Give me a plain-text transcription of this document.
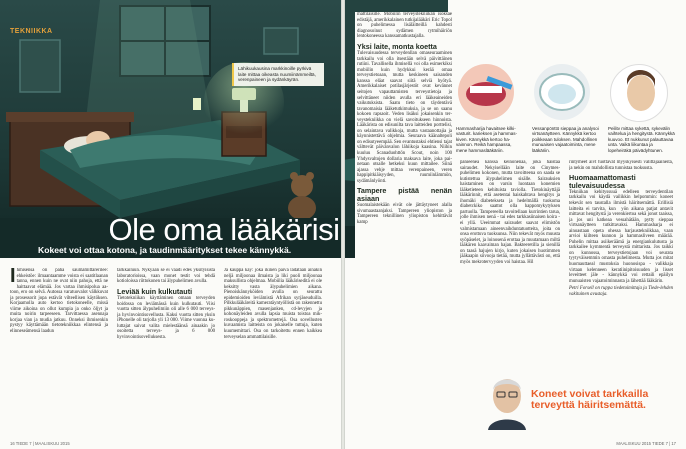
TEKNIIKKA
Lähikuukausina markkinoille pyrkivä laite mittaa oikeasta nuumiinämmeiltä, verenpaineen ja sydänkäyrän.

Ihmisensä on paha saumamittarerilee: ehkeistöe: ilmaantaamme voista ei saatitlaanan tanna, ennen kuin ne ovat niin pahoja, että ne haittaavat elämää. Jos vartaa ihmisipolua aatoon, ero on selvä. Autossa varatuovalot välkkuvat ja prosessorit jopa estävät vilteellisen käytöksen. Korjaamolla auto kertoo tietokoneelle, missä viime aikoina on ollut kumpia ja onko öljyt ja muita noirin tarpeeseen. Tarvittaessa asennaja korjaa vian ja mudia jatkuu. Onneksi ihmisenkin pystyy käyttämään tietotekniikkaa elintensä ja elinneseämensä laadun

tarkkailuun. Nykyään se ei vaadi edes yksityisistä laboratorioissa, vaan monet testit voi tehdä kotioloissa riittokonen tai älypuhelimen avulla.

Leviää kuin kulkutauti

Tietotekniikan käyttäminen omaan terveyden hoidossa on leviämässä kuin kulkutauti. Viisi vuotta sitten älypuhelimiin oli alle 6 000 terveys- ja hyvinvointisovellusta. Kaksi vuotta sitten yksin iPhonelle oli tarjolla yli 13 000. Viime vuonna kuluttajat saivat valita mielestäänsä ainaakin jo osoitetta terveys- ja 6 000 hyvinvointisovelluksesta.

Ja kauppa käy: joka ikinen päivä ladataan ainakin neljä miljoonaa ilmaista ja liki puoli miljoonaa maksullista ohjelmaa. Mobiilia lääkäriseditä ei ole keksitty vasta älypuhelimien aikana. Pienoiskännyköiden avulla on seurattu epidemioiden leviämistä Afrikan syrjäseuduilla. Pilkkulääkäreitä kameratäyntyöllistä on rakennettu pikkunäppien, masenjanken, cd-levyjen ja kohonäyleiden avulla lapsia muista toistoa mikroskooppeja ja spektrometrejä. Osa sovellusten kuvaamista laitteista on jokaiselle tuttuja, kuten kuumemittari. Osa on tarkoitettu ennen kaikkea terveyselan ammattilaisille.

16 TIEDE 7 | MAALISKUU 2015
Hammasharija havaitsee kilkivasturit. karieksen ja hammaskiven. Kännykkä kertoo havainnon. Reikä hampaassa, mene hammaslääkäriin.
Vessanpönttö sieppaa ja analysoi virtsanäytteen. Kännykkä kertoo poikkeaan tuloksen. Mahdollinen munuaisen vajaatoiminta, mene lääkäriin.
Peilitv mittaa sykettä, sykevälin vaihtelua ja hengitystä. Kännykkä kuuvoo. Et nukkunut palauttavaa unta. Vaikä liikuntaa ja lopeheiräkä päivädyhtunen.

mattilaisille. Mobiilin terveystekniikan isoksae edistäjä, amerikkalainen tutkijalääkäri Eric Topol on puhelimessa lisäläitteillä kahdesti diagnosoinut sydämen rytmihäiriön lentokoneessa kanssamatkustajalla.

Yksi laite, monta koetta

Tulevaisuudessa terveydenllan omaseuraaminen tarkkailu voi olla itsestään selvä päivittäinen rutiini. Tavallisella ihmisellä voi olla esimerkiksi mobiilin kuin hydykkui kerää omaa terveystietoaan, mutta keskineen saisanden kanssa eläat saavat siitä selviä hyötyä. Amerikkalaiset potilasjärjestöt ovat kevännet seitojen vapauttamisten terveystietoja ja selvittäneet niiden avulla eri lääkeaineiden vaikutuksista. Saatu tieto on täydentävä tavanomaisia lääketutkimuksia, ja se on saanu kokoen rapsaoit. Veden lisäksi jokaisenkin terveystekniikka on vielä savoitukseen hinnoista. Lääkärista on edisunilta tava laitteiden porttelisi, on selaintava valikkoja, mutta vastaanottajia ja käynnistettävä ohjelmia. Seuraava käänaltepoli on edisutyeempää. Sen evantustaksi ehtiensi tajat välttevät päivänvalon lähiikoja kaasina. Niihin kuuluu Scanaduohttön Scout, noin 100 Yhdysvaltojen dollaria maksava laite, joka painetaan otsalle hetkeksi kuun mittailee. Siinä ajassa vehje mittaa verenpaineen, veren happipitkiäisyyden, ruumiinlämmön, sydämänlyönti.

Tampere pistää nenän asiaan

Suomalaistekään eivät ole jättäytyneet alalla sivumaastaanjaksi. Tampereen yliopiston ja Tampereen teknillinen yliopiston kehittävät kamp

panieenea kanssa keinonenää, joka haistaa sairaudet. Nekyisellään laite on Cinymes-puhelimen kokonen, mutta tavoitteena on saada se kutistettua älypuhelimen sisälle. Sairauksien haistaminen on varsin luontaan konemien lääketieteen kehituista taviolla. Tietokinäyttäjä lääkärinnit, että asetentai haiskahtava hengitys ja ihomäki diabetekseta ja hedelmällä tuokoma diabetckiko saattot olla happomykytyksen partuolla. Tampereella tavoitellaan kurrintien tarua, jolle ihmisen nenä - tai edes tarkkasiinaisen koira - ei yllä. Ueeimmat sairaudet saavat elimistön valmistamaan aineenvaihduntatuotteita, joita on onsa erottuva tuoksunsa. Niin tekevät myös muusta syöpäselet, ja loinosenä erottaa ja muutamaan miltä lääkären kaavaiman hajan. Bakteeretilla ja sienillä on taasä hajujen kirjo, kuten jokaisen huotimmen jääkaapin siivooja tietää, mutta jyllättävästi on, että myös mekrotervyyden voi haistaa. Hil

rintymeet aivt tuottavat myyskyisesti välittäjäaineita, ja nekin on mahdollista tunnistaa tuoksusta.

Huomaamattomasti tulevaisuudessa

Tekniikan kehityssuuä edelleen terveydentilan tarkkailu voi käydä vailikkin helpommin: koneet tekevät sen taustalla ilmistä häiritsemättä. Erillisiä laitteita ei tarvita, kun yön aikana patjat antavit mittavat hengitystä ja verenkiertoa sekä jonot taaissa, ja jos uni katkeaa vessahätään, pytty sieppaa virtsanäytteen tutkittavaksi. Hammasharja ei ainoastaan opeta ohessa harjaustekniikkaa, vaan arvioi kiilteen kunnon ja hammasliveen määrää. Puhelin mittaa asiikeräämä ja energiankulutusta ja tarkkailee kymmentä terveystä mittarista. Jos taikki on kunnossa, terveystietojaan voi seurata tyytyväisemmin omasta puhelimesta. Mutta jos mitat huomauttaeal mustoksia huonosispa - valikkaja virtaan kelenneen keratiinipitoisuuden ja lisset leveitteet jäle - kännykkä voi rettaili epäilyn munuaisten vajaatoiminnasta ja lähettää lääkärin.

Petri Forsell on ruppa tiedetoimittaja ja Tiede-lehden vakituinen avustaja.

Koneet voivat tarkkailla terveyttä häiritsemättä.
MAALISKUU 2015 TIEDE 7 | 17
Ole oma lääkärisi
Kokeet voi ottaa kotona, ja taudinmääritykset tekee kännykkä.
Petri Forsell – Jukka Forsell
